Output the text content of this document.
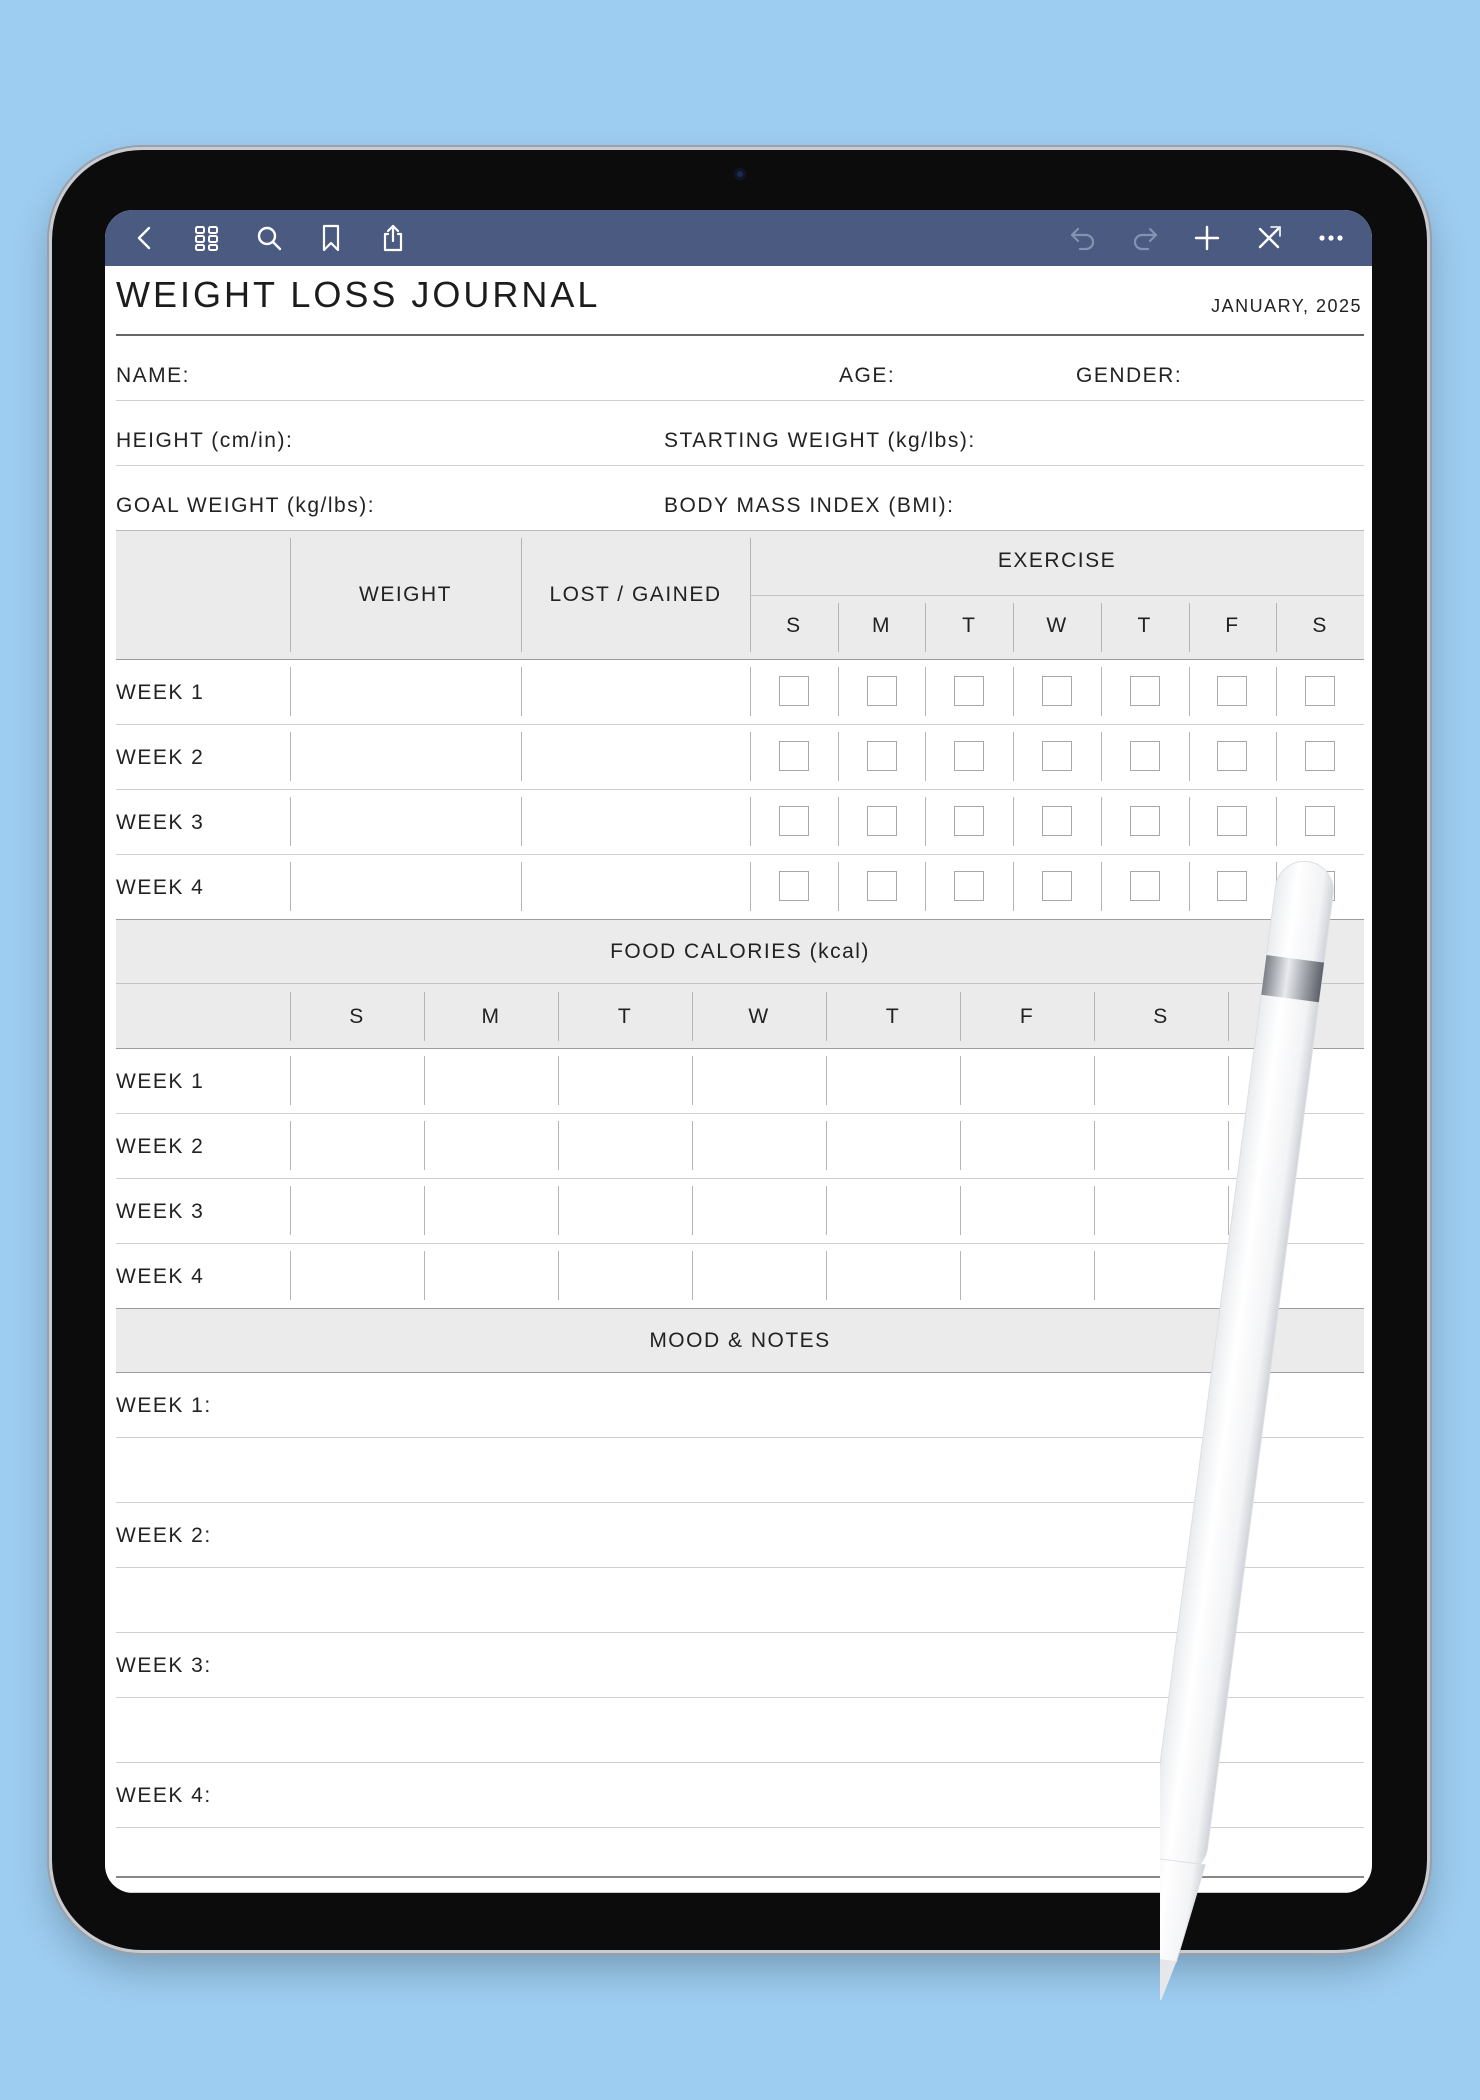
WEIGHT LOSS JOURNAL	JANUARY, 2025
NAME:	AGE:	GENDER:
HEIGHT (cm/in):	STARTING WEIGHT (kg/lbs):
GOAL WEIGHT (kg/lbs):	BODY MASS INDEX (BMI):
WEIGHT	LOST / GAINED
EXERCISE
S	M	T	W	T	F	S
WEEK 1
WEEK 2
WEEK 3
WEEK 4
FOOD CALORIES (kcal)
S	M	T	W	T	F	S
WEEK 1
WEEK 2
WEEK 3
WEEK 4
MOOD & NOTES
WEEK 1:
WEEK 2:
WEEK 3:
WEEK 4:
